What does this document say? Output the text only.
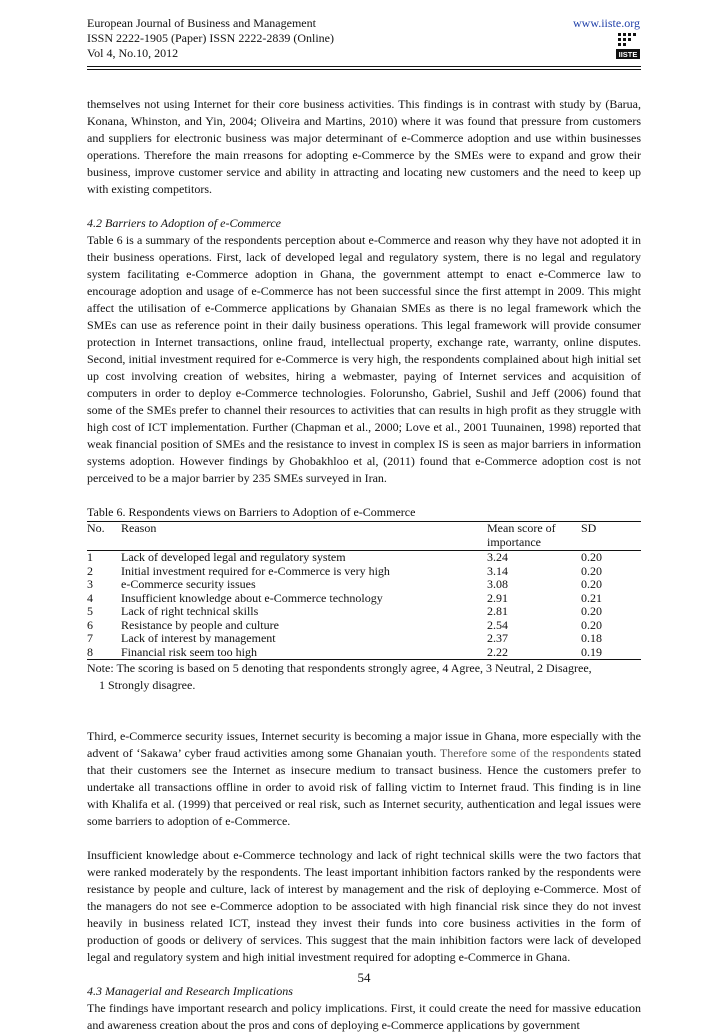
European Journal of Business and Management
ISSN 2222-1905 (Paper) ISSN 2222-2839 (Online)
Vol 4, No.10, 2012
www.iiste.org
IISTE

themselves not using Internet for their core business activities. This findings is in contrast with study by (Barua, Konana, Whinston, and Yin, 2004; Oliveira and Martins, 2010) where it was found that pressure from customers and suppliers for electronic business was major determinant of e-Commerce adoption and use within businesses operations. Therefore the main rreasons for adopting e-Commerce by the SMEs were to expand and grow their business, improve customer service and ability in attracting and locating new customers and the need to keep up with existing competitors.

4.2 Barriers to Adoption of e-Commerce

Table 6 is a summary of the respondents perception about e-Commerce and reason why they have not adopted it in their business operations. First, lack of developed legal and regulatory system, there is no legal and regulatory system facilitating e-Commerce adoption in Ghana, the government attempt to enact e-Commerce law to encourage adoption and usage of e-Commerce has not been successful since the first attempt in 2009. This might affect the utilisation of e-Commerce applications by Ghanaian SMEs as there is no legal framework which the SMEs can use as reference point in their daily business operations. This legal framework will provide consumer protection in Internet transactions, online fraud, intellectual property, exchange rate, warranty, online disputes. Second, initial investment required for e-Commerce is very high, the respondents complained about high initial set up cost involving creation of websites, hiring a webmaster, paying of Internet services and acquisition of computers in order to deploy e-Commerce technologies. Folorunsho, Gabriel, Sushil and Jeff (2006) found that some of the SMEs prefer to channel their resources to activities that can results in high profit as they struggle with high cost of ICT implementation. Further (Chapman et al., 2000; Love et al., 2001 Tuunainen, 1998) reported that weak financial position of SMEs and the resistance to invest in complex IS is seen as major barriers in information systems adoption. However findings by Ghobakhloo et al, (2011) found that e-Commerce adoption cost is not perceived to be a major barrier by 235 SMEs surveyed in Iran.

Table 6. Respondents views on Barriers to Adoption of e-Commerce
No.	Reason	Mean score of	SD
		importance	
1	Lack of developed legal and regulatory system	3.24	0.20
2	Initial investment required for e-Commerce is very high	3.14	0.20
3	e-Commerce security issues	3.08	0.20
4	Insufficient knowledge about e-Commerce technology	2.91	0.21
5	Lack of right technical skills	2.81	0.20
6	Resistance by people and culture	2.54	0.20
7	Lack of interest by management	2.37	0.18
8	Financial risk seem too high	2.22	0.19

Note: The scoring is based on 5 denoting that respondents strongly agree, 4 Agree, 3 Neutral, 2 Disagree,

1 Strongly disagree.

Third, e-Commerce security issues, Internet security is becoming a major issue in Ghana, more especially with the advent of ‘Sakawa’ cyber fraud activities among some Ghanaian youth. Therefore some of the respondents stated that their customers see the Internet as insecure medium to transact business. Hence the customers prefer to undertake all transactions offline in order to avoid risk of falling victim to Internet fraud. This finding is in line with Khalifa et al. (1999) that perceived or real risk, such as Internet security, authentication and legal issues were some barriers to adoption of e-Commerce.

Insufficient knowledge about e-Commerce technology and lack of right technical skills were the two factors that were ranked moderately by the respondents. The least important inhibition factors ranked by the respondents were resistance by people and culture, lack of interest by management and the risk of deploying e-Commerce. Most of the managers do not see e-Commerce adoption to be associated with high financial risk since they do not invest heavily in business related ICT, instead they invest their funds into core business activities in the form of production of goods or delivery of services. This suggest that the main inhibition factors were lack of developed legal and regulatory system and high initial investment required for adopting e-Commerce in Ghana.

4.3 Managerial and Research Implications

The findings have important research and policy implications. First, it could create the need for massive education and awareness creation about the pros and cons of deploying e-Commerce applications by government

54
